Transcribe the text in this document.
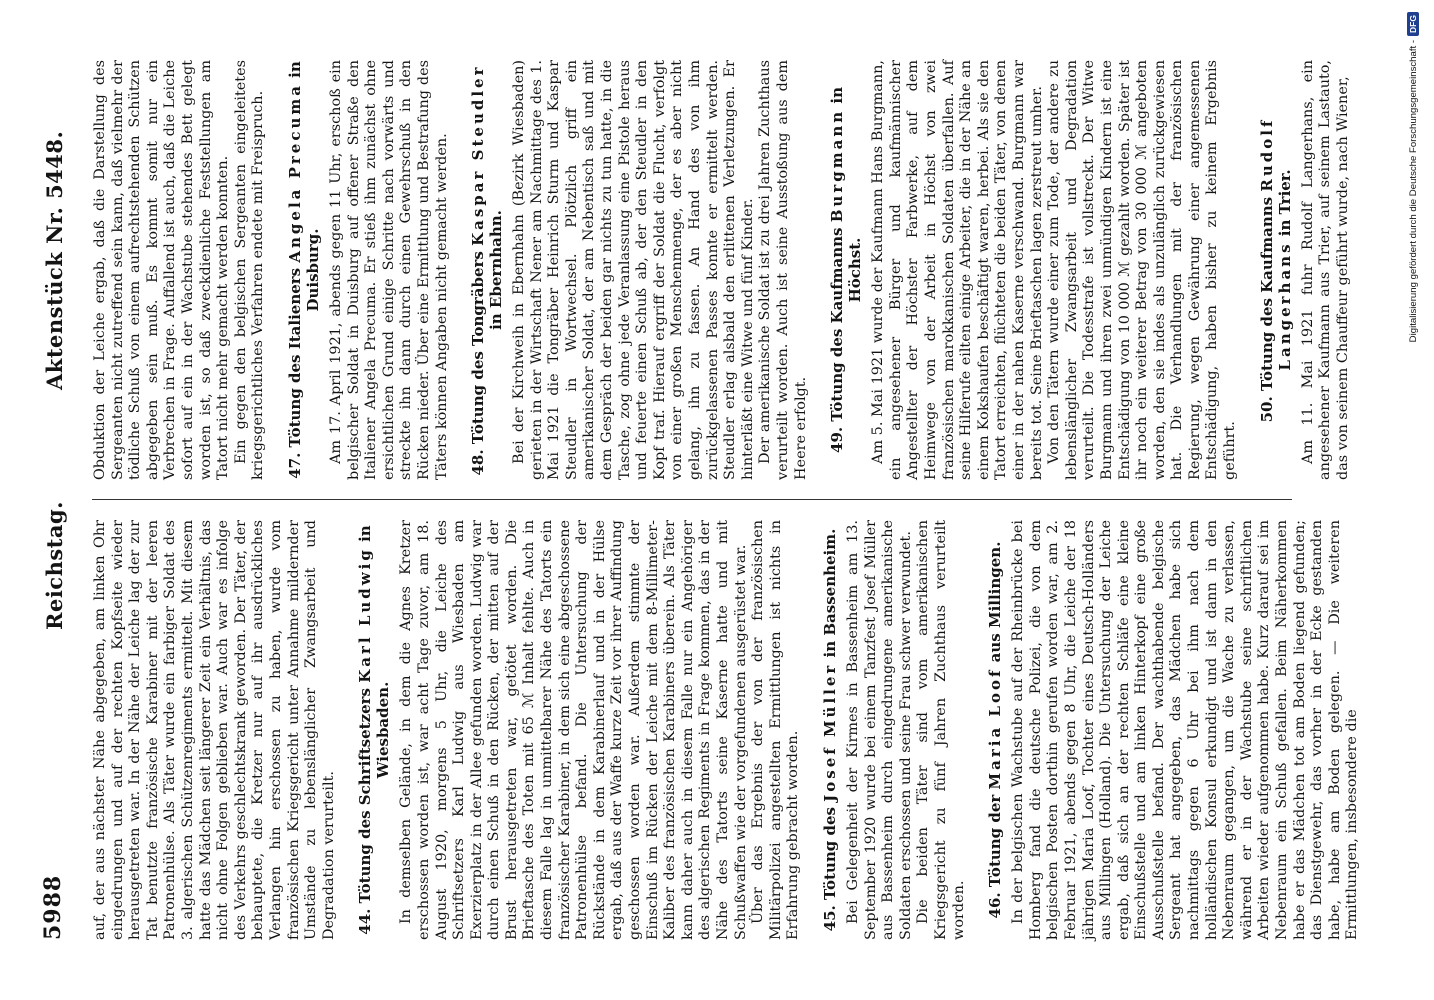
5988
Reichstag.
Aktenstück Nr. 5448.

auf, der aus nächster Nähe abgegeben, am linken Ohr eingedrungen und auf der rechten Kopfseite wieder herausgetreten war. In der Nähe der Leiche lag der zur Tat benutzte französische Karabiner mit der leeren Patronenhülse. Als Täter wurde ein farbiger Soldat des 3. algerischen Schützenregiments ermittelt. Mit diesem hatte das Mädchen seit längerer Zeit ein Verhältnis, das nicht ohne Folgen geblieben war. Auch war es infolge des Verkehrs geschlechtskrank geworden. Der Täter, der behauptete, die Kretzer nur auf ihr ausdrückliches Verlangen hin erschossen zu haben, wurde vom französischen Kriegsgericht unter Annahme mildernder Umstände zu lebenslänglicher Zwangsarbeit und Degradation verurteilt. 44. Tötung des Schriftsetzers Karl Ludwig in Wiesbaden. In demselben Gelände, in dem die Agnes Kretzer erschossen worden ist, war acht Tage zuvor, am 18. August 1920, morgens 5 Uhr, die Leiche des Schriftsetzers Karl Ludwig aus Wiesbaden am Exerzierplatz in der Allee gefunden worden. Ludwig war durch einen Schuß in den Rücken, der mitten auf der Brust herausgetreten war, getötet worden. Die Brieftasche des Toten mit 65 ℳ Inhalt fehlte. Auch in diesem Falle lag in unmittelbarer Nähe des Tatorts ein französischer Karabiner, in dem sich eine abgeschossene Patronenhülse befand. Die Untersuchung der Rückstände in dem Karabinerlauf und in der Hülse ergab, daß aus der Waffe kurze Zeit vor ihrer Auffindung geschossen worden war. Außerdem stimmte der Einschuß im Rücken der Leiche mit dem 8-Millimeter-Kaliber des französischen Karabiners überein. Als Täter kann daher auch in diesem Falle nur ein Angehöriger des algerischen Regiments in Frage kommen, das in der Nähe des Tatorts seine Kaserne hatte und mit Schußwaffen wie der vorgefundenen ausgerüstet war. Über das Ergebnis der von der französischen Militärpolizei angestellten Ermittlungen ist nichts in Erfahrung gebracht worden. 45. Tötung des Josef Müller in Bassenheim. Bei Gelegenheit der Kirmes in Bassenheim am 13. September 1920 wurde bei einem Tanzfest Josef Müller aus Bassenheim durch eingedrungene amerikanische Soldaten erschossen und seine Frau schwer verwundet. Die beiden Täter sind vom amerikanischen Kriegsgericht zu fünf Jahren Zuchthaus verurteilt worden. 46. Tötung der Maria Loof aus Millingen. In der belgischen Wachstube auf der Rheinbrücke bei Homberg fand die deutsche Polizei, die von dem belgischen Posten dorthin gerufen worden war, am 2. Februar 1921, abends gegen 8 Uhr, die Leiche der 18 jährigen Maria Loof, Tochter eines Deutsch-Holländers aus Millingen (Holland). Die Untersuchung der Leiche ergab, daß sich an der rechten Schläfe eine kleine Einschußstelle und am linken Hinterkopf eine große Ausschußstelle befand. Der wachthabende belgische Sergeant hat angegeben, das Mädchen habe sich nachmittags gegen 6 Uhr bei ihm nach dem holländischen Konsul erkundigt und ist dann in den Nebenraum gegangen, um die Wache zu verlassen, während er in der Wachstube seine schriftlichen Arbeiten wieder aufgenommen habe. Kurz darauf sei im Nebenraum ein Schuß gefallen. Beim Näherkommen habe er das Mädchen tot am Boden liegend gefunden; das Dienstgewehr, das vorher in der Ecke gestanden habe, habe am Boden gelegen. — Die weiteren Ermittlungen, insbesondere die

Obduktion der Leiche ergab, daß die Darstellung des Sergeanten nicht zutreffend sein kann, daß vielmehr der tödliche Schuß von einem aufrechtstehenden Schützen abgegeben sein muß. Es kommt somit nur ein Verbrechen in Frage. Auffallend ist auch, daß die Leiche sofort auf ein in der Wachstube stehendes Bett gelegt worden ist, so daß zweckdienliche Feststellungen am Tatort nicht mehr gemacht werden konnten. Ein gegen den belgischen Sergeanten eingeleitetes kriegsgerichtliches Verfahren endete mit Freispruch. 47. Tötung des Italieners Angela Precuma in Duisburg. Am 17. April 1921, abends gegen 11 Uhr, erschoß ein belgischer Soldat in Duisburg auf offener Straße den Italiener Angela Precuma. Er stieß ihm zunächst ohne ersichtlichen Grund einige Schritte nach vorwärts und streckte ihn dann durch einen Gewehrschuß in den Rücken nieder. Über eine Ermittlung und Bestrafung des Täters können Angaben nicht gemacht werden. 48. Tötung des Tongräbers Kaspar Steudler in Ebernhahn. Bei der Kirchweih in Ebernhahn (Bezirk Wiesbaden) gerieten in der Wirtschaft Nener am Nachmittage des 1. Mai 1921 die Tongräber Heinrich Sturm und Kaspar Steudler in Wortwechsel. Plötzlich griff ein amerikanischer Soldat, der am Nebentisch saß und mit dem Gespräch der beiden gar nichts zu tun hatte, in die Tasche, zog ohne jede Veranlassung eine Pistole heraus und feuerte einen Schuß ab, der den Steudler in den Kopf traf. Hierauf ergriff der Soldat die Flucht, verfolgt von einer großen Menschenmenge, der es aber nicht gelang, ihn zu fassen. An Hand des von ihm zurückgelassenen Passes konnte er ermittelt werden. Steudler erlag alsbald den erlittenen Verletzungen. Er hinterläßt eine Witwe und fünf Kinder. Der amerikanische Soldat ist zu drei Jahren Zuchthaus verurteilt worden. Auch ist seine Ausstoßung aus dem Heere erfolgt. 49. Tötung des Kaufmanns Burgmann in Höchst. Am 5. Mai 1921 wurde der Kaufmann Hans Burgmann, ein angesehener Bürger und kaufmännischer Angestellter der Höchster Farbwerke, auf dem Heimwege von der Arbeit in Höchst von zwei französischen marokkanischen Soldaten überfallen. Auf seine Hilferufe eilten einige Arbeiter, die in der Nähe an einem Kokshaufen beschäftigt waren, herbei. Als sie den Tatort erreichten, flüchteten die beiden Täter, von denen einer in der nahen Kaserne verschwand. Burgmann war bereits tot. Seine Brieftaschen lagen zerstreut umher. Von den Tätern wurde einer zum Tode, der andere zu lebenslänglicher Zwangsarbeit und Degradation verurteilt. Die Todesstrafe ist vollstreckt. Der Witwe Burgmann und ihren zwei unmündigen Kindern ist eine Entschädigung von 10 000 ℳ gezahlt worden. Später ist ihr noch ein weiterer Betrag von 30 000 ℳ angeboten worden, den sie indes als unzulänglich zurückgewiesen hat. Die Verhandlungen mit der französischen Regierung, wegen Gewährung einer angemessenen Entschädigung, haben bisher zu keinem Ergebnis geführt.

50. Tötung des Kaufmanns Rudolf Langerhans in Trier. Am 11. Mai 1921 fuhr Rudolf Langerhans, ein angesehener Kaufmann aus Trier, auf seinem Lastauto, das von seinem Chauffeur geführt wurde, nach Wiener,	Digitalisierung gefördert durch die Deutsche Forschungsgemeinschaft -
DFG
